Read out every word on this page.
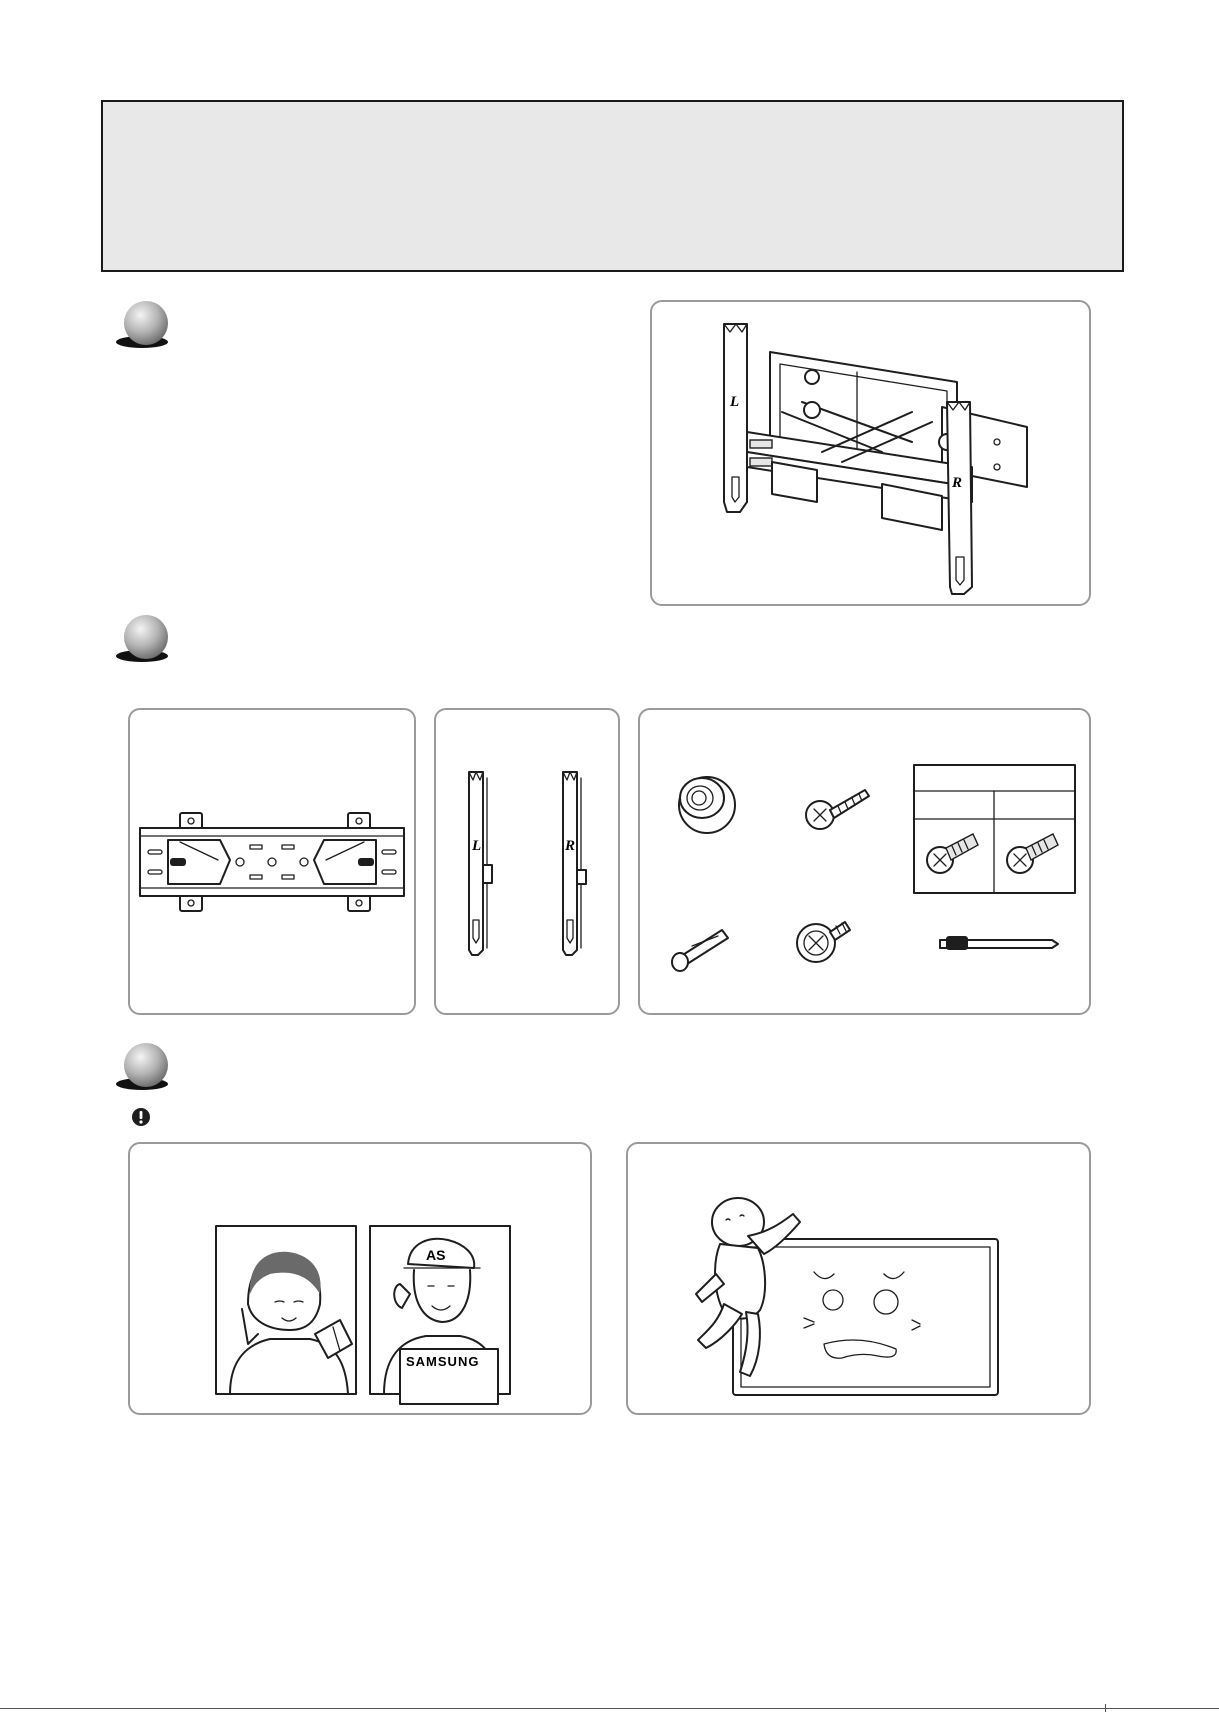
L
R
L	R
AS
SAMSUNG
